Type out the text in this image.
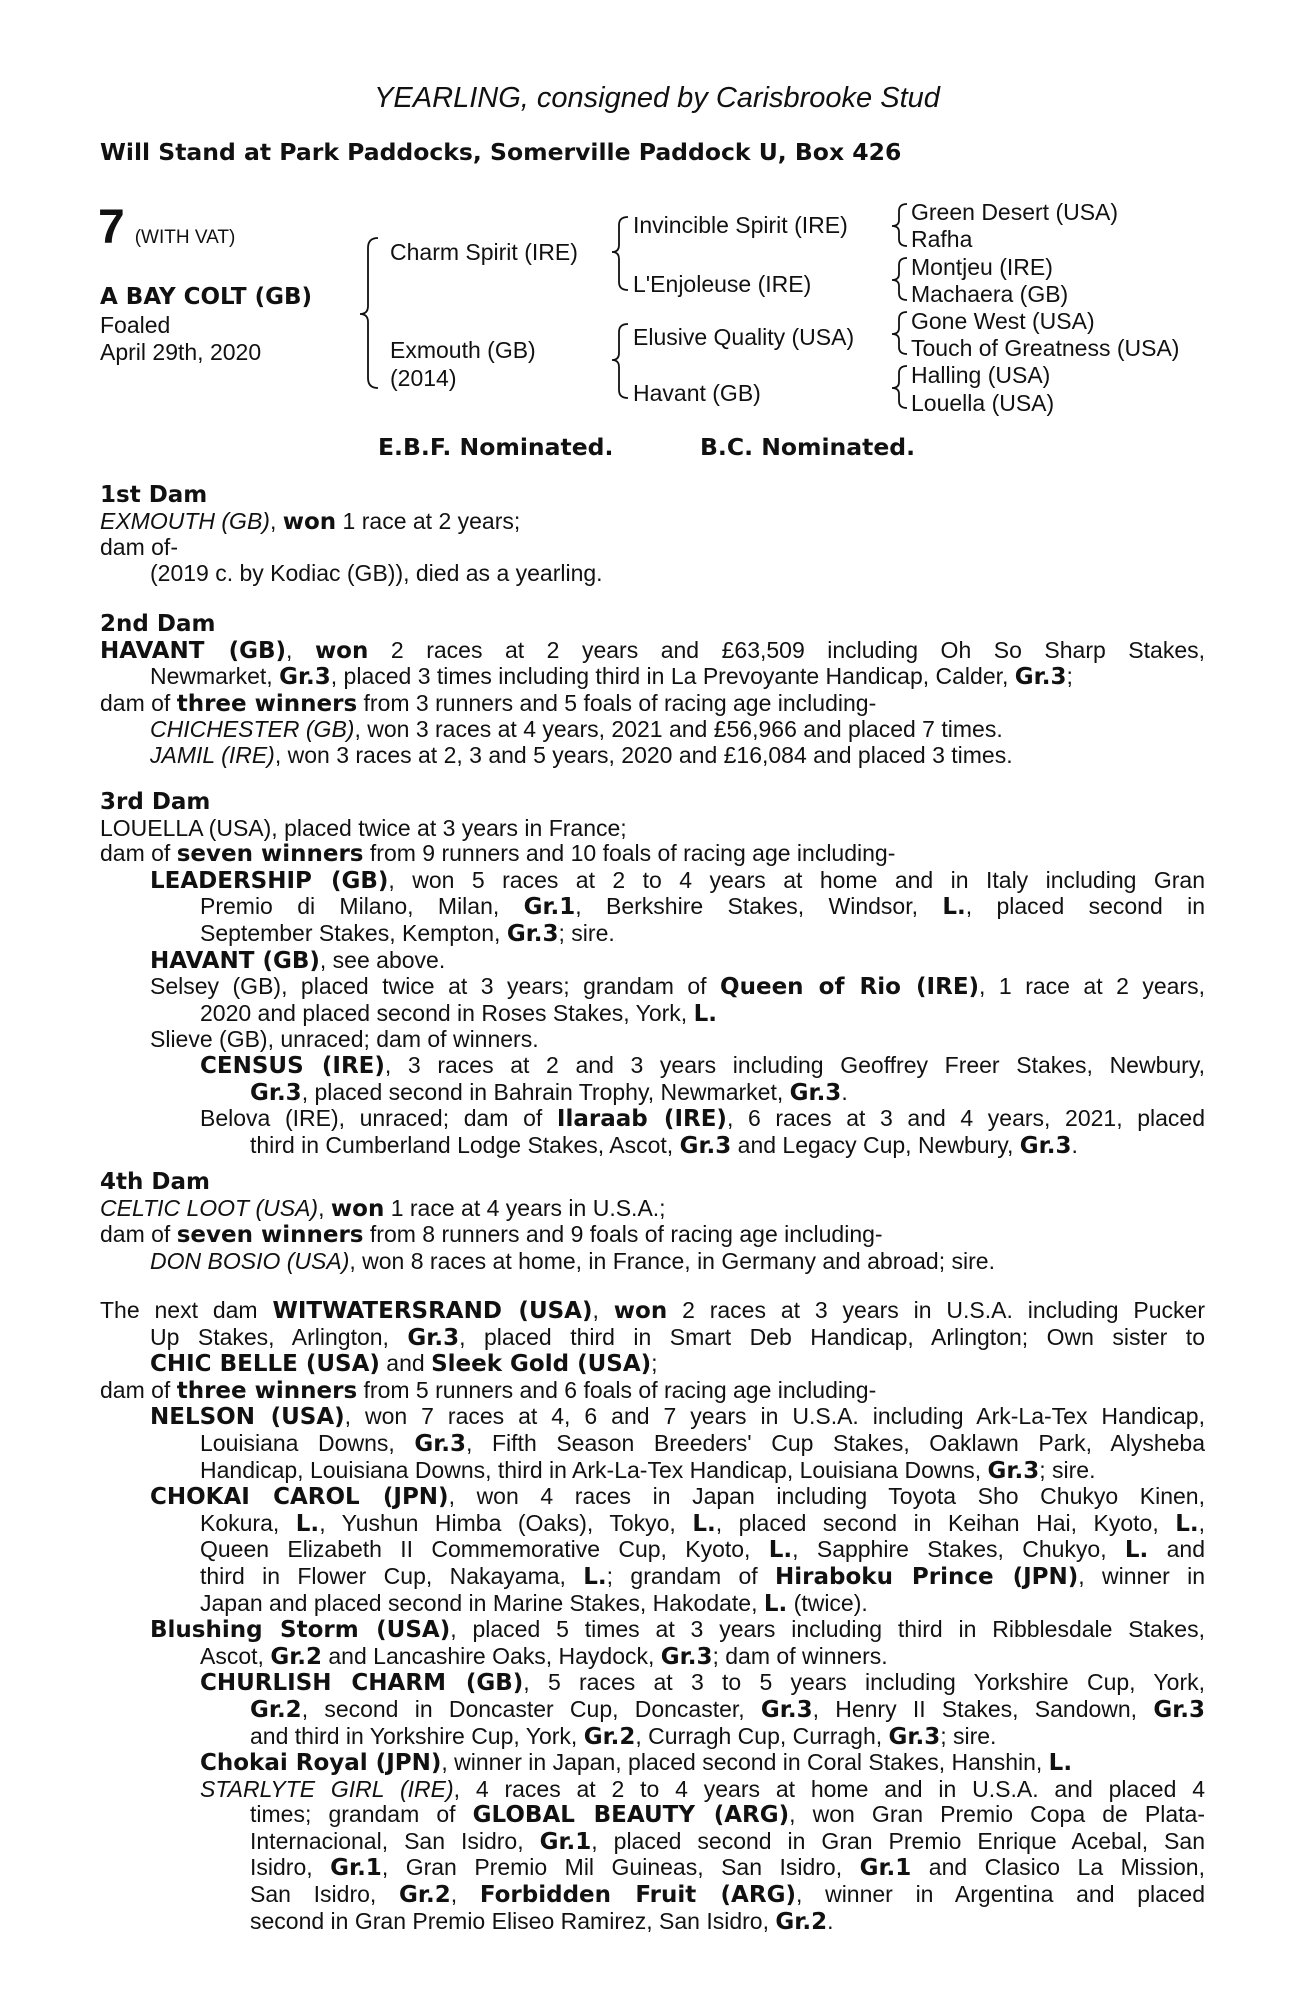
YEARLING, consigned by Carisbrooke Stud
Will Stand at Park Paddocks, Somerville Paddock U, Box 426
7 (WITH VAT)
A BAY COLT (GB)
Foaled
April 29th, 2020
Charm Spirit (IRE)
Exmouth (GB)
(2014)
Invincible Spirit (IRE)
L'Enjoleuse (IRE)
Elusive Quality (USA)
Havant (GB)
Green Desert (USA)
Rafha
Montjeu (IRE)
Machaera (GB)
Gone West (USA)
Touch of Greatness (USA)
Halling (USA)
Louella (USA)
E.B.F. Nominated.	B.C. Nominated.
1st Dam
EXMOUTH (GB), won 1 race at 2 years;
dam of-
(2019 c. by Kodiac (GB)), died as a yearling.
2nd Dam
HAVANT (GB), won 2 races at 2 years and £63,509 including Oh So Sharp Stakes,
Newmarket, Gr.3, placed 3 times including third in La Prevoyante Handicap, Calder, Gr.3;
dam of three winners from 3 runners and 5 foals of racing age including-
CHICHESTER (GB), won 3 races at 4 years, 2021 and £56,966 and placed 7 times.
JAMIL (IRE), won 3 races at 2, 3 and 5 years, 2020 and £16,084 and placed 3 times.
3rd Dam
LOUELLA (USA), placed twice at 3 years in France;
dam of seven winners from 9 runners and 10 foals of racing age including-
LEADERSHIP (GB), won 5 races at 2 to 4 years at home and in Italy including Gran
Premio di Milano, Milan, Gr.1, Berkshire Stakes, Windsor, L., placed second in
September Stakes, Kempton, Gr.3; sire.
HAVANT (GB), see above.
Selsey (GB), placed twice at 3 years; grandam of Queen of Rio (IRE), 1 race at 2 years,
2020 and placed second in Roses Stakes, York, L.
Slieve (GB), unraced; dam of winners.
CENSUS (IRE), 3 races at 2 and 3 years including Geoffrey Freer Stakes, Newbury,
Gr.3, placed second in Bahrain Trophy, Newmarket, Gr.3.
Belova (IRE), unraced; dam of Ilaraab (IRE), 6 races at 3 and 4 years, 2021, placed
third in Cumberland Lodge Stakes, Ascot, Gr.3 and Legacy Cup, Newbury, Gr.3.
4th Dam
CELTIC LOOT (USA), won 1 race at 4 years in U.S.A.;
dam of seven winners from 8 runners and 9 foals of racing age including-
DON BOSIO (USA), won 8 races at home, in France, in Germany and abroad; sire.
The next dam WITWATERSRAND (USA), won 2 races at 3 years in U.S.A. including Pucker
Up Stakes, Arlington, Gr.3, placed third in Smart Deb Handicap, Arlington; Own sister to
CHIC BELLE (USA) and Sleek Gold (USA);
dam of three winners from 5 runners and 6 foals of racing age including-
NELSON (USA), won 7 races at 4, 6 and 7 years in U.S.A. including Ark-La-Tex Handicap,
Louisiana Downs, Gr.3, Fifth Season Breeders' Cup Stakes, Oaklawn Park, Alysheba
Handicap, Louisiana Downs, third in Ark-La-Tex Handicap, Louisiana Downs, Gr.3; sire.
CHOKAI CAROL (JPN), won 4 races in Japan including Toyota Sho Chukyo Kinen,
Kokura, L., Yushun Himba (Oaks), Tokyo, L., placed second in Keihan Hai, Kyoto, L.,
Queen Elizabeth II Commemorative Cup, Kyoto, L., Sapphire Stakes, Chukyo, L. and
third in Flower Cup, Nakayama, L.; grandam of Hiraboku Prince (JPN), winner in
Japan and placed second in Marine Stakes, Hakodate, L. (twice).
Blushing Storm (USA), placed 5 times at 3 years including third in Ribblesdale Stakes,
Ascot, Gr.2 and Lancashire Oaks, Haydock, Gr.3; dam of winners.
CHURLISH CHARM (GB), 5 races at 3 to 5 years including Yorkshire Cup, York,
Gr.2, second in Doncaster Cup, Doncaster, Gr.3, Henry II Stakes, Sandown, Gr.3
and third in Yorkshire Cup, York, Gr.2, Curragh Cup, Curragh, Gr.3; sire.
Chokai Royal (JPN), winner in Japan, placed second in Coral Stakes, Hanshin, L.
STARLYTE GIRL (IRE), 4 races at 2 to 4 years at home and in U.S.A. and placed 4
times; grandam of GLOBAL BEAUTY (ARG), won Gran Premio Copa de Plata-
Internacional, San Isidro, Gr.1, placed second in Gran Premio Enrique Acebal, San
Isidro, Gr.1, Gran Premio Mil Guineas, San Isidro, Gr.1 and Clasico La Mission,
San Isidro, Gr.2, Forbidden Fruit (ARG), winner in Argentina and placed
second in Gran Premio Eliseo Ramirez, San Isidro, Gr.2.
